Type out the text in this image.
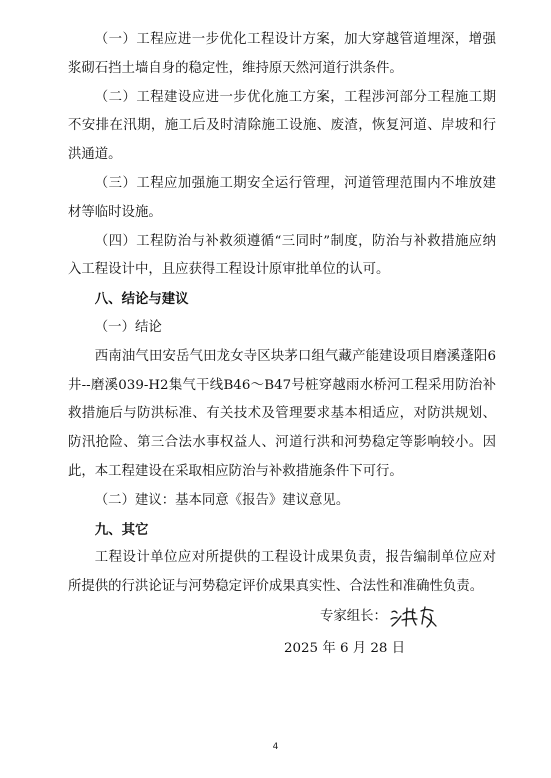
（一）工程应进一步优化工程设计方案，加大穿越管道埋深，增强浆砌石挡土墙自身的稳定性，维持原天然河道行洪条件。

（二）工程建设应进一步优化施工方案，工程涉河部分工程施工期不安排在汛期，施工后及时清除施工设施、废渣，恢复河道、岸坡和行洪通道。

（三）工程应加强施工期安全运行管理，河道管理范围内不堆放建材等临时设施。

（四）工程防治与补救须遵循“三同时”制度，防治与补救措施应纳入工程设计中，且应获得工程设计原审批单位的认可。

八、结论与建议

（一）结论

西南油气田安岳气田龙女寺区块茅口组气藏产能建设项目磨溪蓬阳6井--磨溪039-H2集气干线B46～B47号桩穿越雨水桥河工程采用防治补救措施后与防洪标准、有关技术及管理要求基本相适应，对防洪规划、防汛抢险、第三合法水事权益人、河道行洪和河势稳定等影响较小。因此，本工程建设在采取相应防治与补救措施条件下可行。

（二）建议：基本同意《报告》建议意见。

九、其它

工程设计单位应对所提供的工程设计成果负责，报告编制单位应对所提供的行洪论证与河势稳定评价成果真实性、合法性和准确性负责。

专家组长：
2025 年 6 月 28 日
4
